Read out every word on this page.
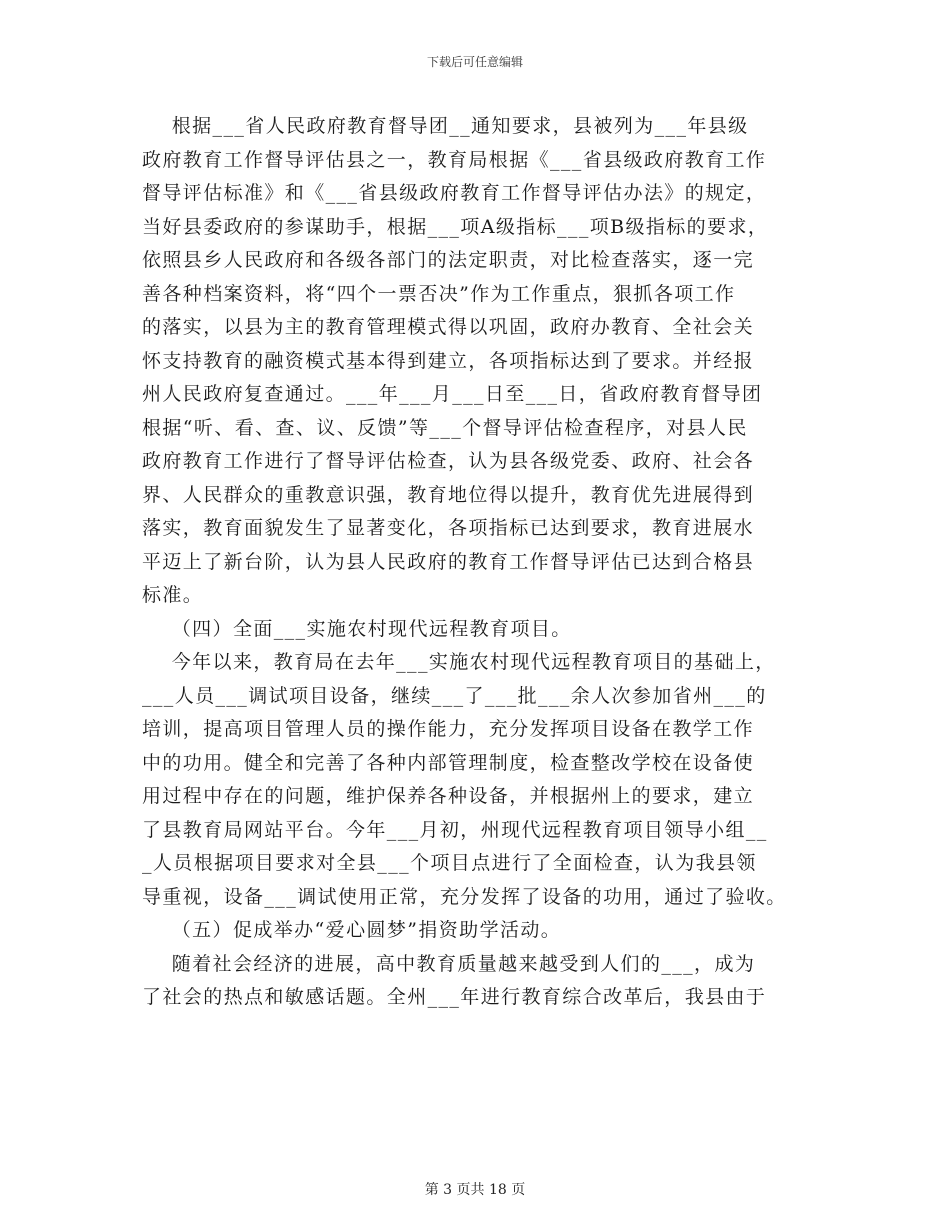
下载后可任意编辑
根据___省人民政府教育督导团__通知要求，县被列为___年县级
政府教育工作督导评估县之一，教育局根据《___省县级政府教育工作
督导评估标准》和《___省县级政府教育工作督导评估办法》的规定，
当好县委政府的参谋助手，根据___项A级指标___项B级指标的要求，
依照县乡人民政府和各级各部门的法定职责，对比检查落实，逐一完
善各种档案资料，将“四个一票否决”作为工作重点，狠抓各项工作
的落实，以县为主的教育管理模式得以巩固，政府办教育、全社会关
怀支持教育的融资模式基本得到建立，各项指标达到了要求。并经报
州人民政府复查通过。___年___月___日至___日，省政府教育督导团
根据“听、看、查、议、反馈”等___个督导评估检查程序，对县人民
政府教育工作进行了督导评估检查，认为县各级党委、政府、社会各
界、人民群众的重教意识强，教育地位得以提升，教育优先进展得到
落实，教育面貌发生了显著变化，各项指标已达到要求，教育进展水
平迈上了新台阶，认为县人民政府的教育工作督导评估已达到合格县
标准。
（四）全面___实施农村现代远程教育项目。
今年以来，教育局在去年___实施农村现代远程教育项目的基础上，
___人员___调试项目设备，继续___了___批___余人次参加省州___的
培训，提高项目管理人员的操作能力，充分发挥项目设备在教学工作
中的功用。健全和完善了各种内部管理制度，检查整改学校在设备使
用过程中存在的问题，维护保养各种设备，并根据州上的要求，建立
了县教育局网站平台。今年___月初，州现代远程教育项目领导小组__
_人员根据项目要求对全县___个项目点进行了全面检查，认为我县领
导重视，设备___调试使用正常，充分发挥了设备的功用，通过了验收。
（五）促成举办“爱心圆梦”捐资助学活动。
随着社会经济的进展，高中教育质量越来越受到人们的___，成为
了社会的热点和敏感话题。全州___年进行教育综合改革后，我县由于
第 3 页共 18 页
